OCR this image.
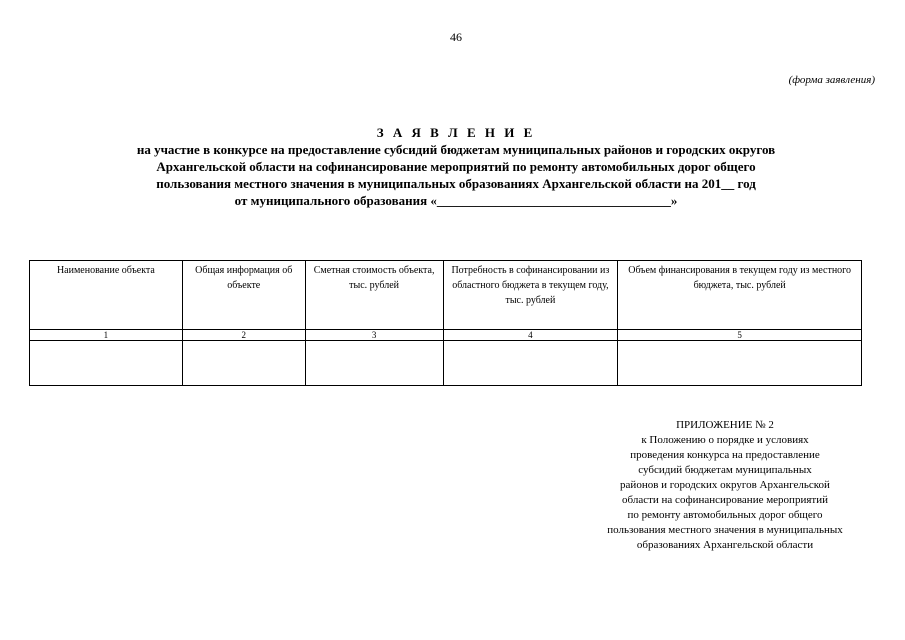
46
(форма заявления)
З А Я В Л Е Н И Е
на участие в конкурсе на предоставление субсидий бюджетам муниципальных районов и городских округов
Архангельской области на софинансирование мероприятий по ремонту автомобильных дорог общего
пользования местного значения в муниципальных образованиях Архангельской области на 201__ год
от муниципального образования «____________________________________»
Наименование объекта	Общая информация об объекте	Сметная стоимость объекта, тыс. рублей	Потребность в софинансировании из областного бюджета в текущем году, тыс. рублей	Объем финансирования в текущем году из местного бюджета, тыс. рублей
1	2	3	4	5

ПРИЛОЖЕНИЕ № 2
к Положению о порядке и условиях
проведения конкурса на предоставление
субсидий бюджетам муниципальных
районов и городских округов Архангельской
области на софинансирование мероприятий
по ремонту автомобильных дорог общего
пользования местного значения в муниципальных
образованиях Архангельской области
